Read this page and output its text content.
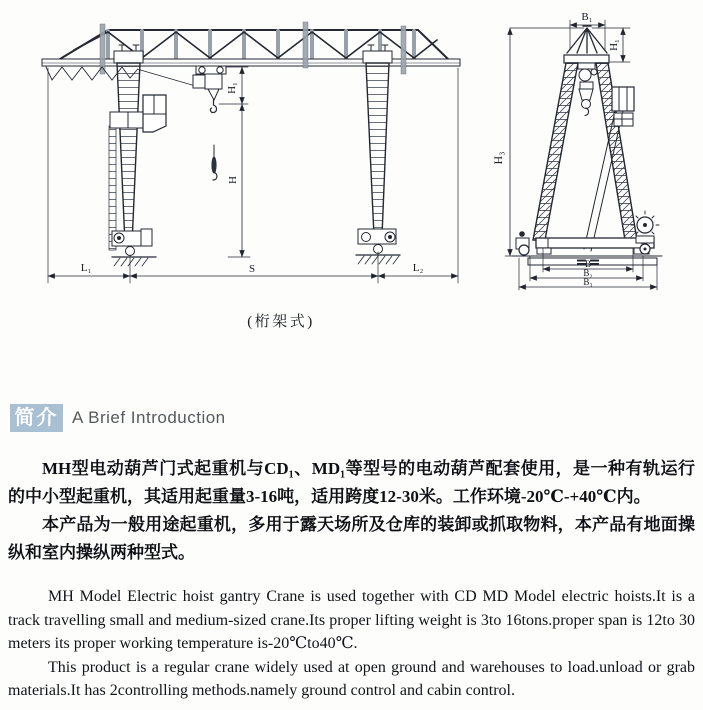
H₁
H
L₁	S	L₂
B₁
H₁
H₃
B
B₂
B₃
(桁架式)
简介 A Brief Introduction

MH型电动葫芦门式起重机与CD₁、MD₁等型号的电动葫芦配套使用，是一种有轨运行的中小型起重机，其适用起重量3-16吨，适用跨度12-30米。工作环境-20℃-+40℃内。

本产品为一般用途起重机，多用于露天场所及仓库的装卸或抓取物料，本产品有地面操纵和室内操纵两种型式。

MH Model Electric hoist gantry Crane is used together with CD MD Model electric hoists.It is a track travelling small and medium-sized crane.Its proper lifting weight is 3to 16tons.proper span is 12to 30 meters its proper working temperature is-20℃to40℃.

This product is a regular crane widely used at open ground and warehouses to load.unload or grab materials.It has 2controlling methods.namely ground control and cabin control.
